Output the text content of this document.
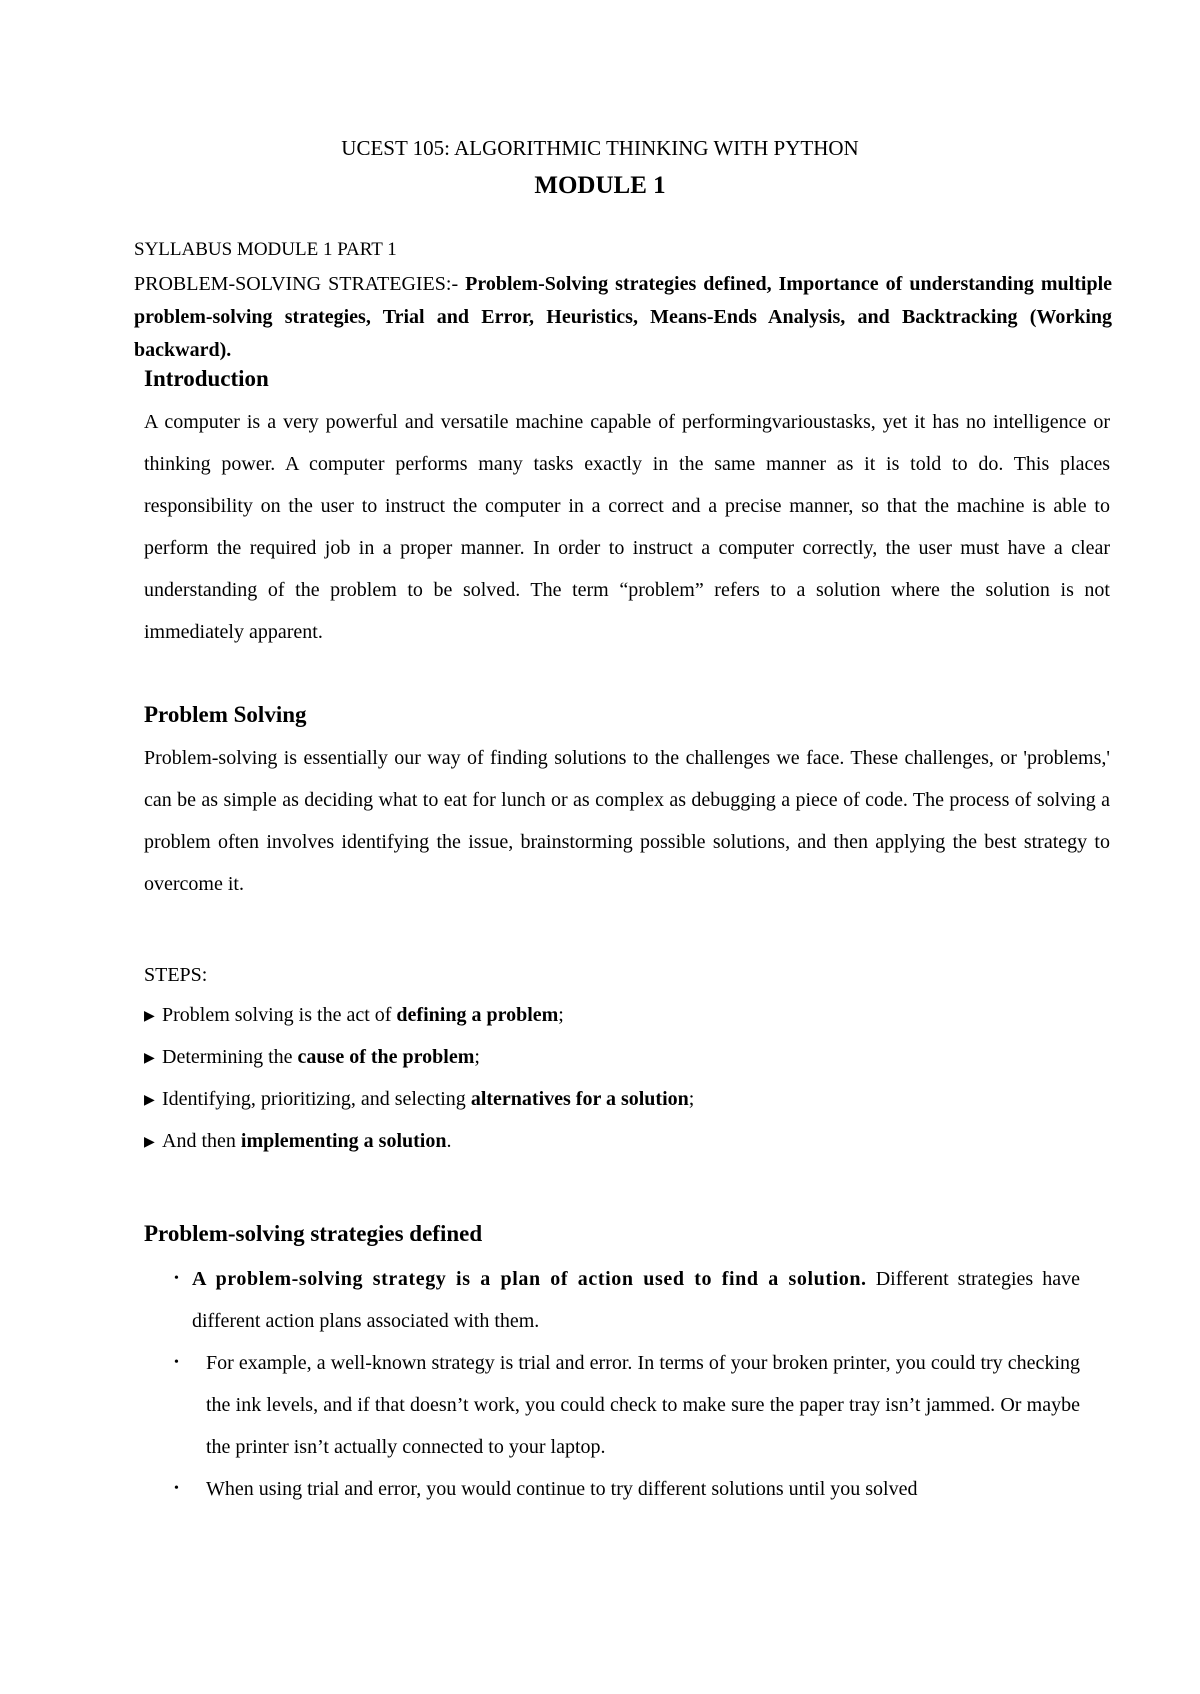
UCEST 105: ALGORITHMIC THINKING WITH PYTHON
MODULE 1

SYLLABUS MODULE 1 PART 1

PROBLEM-SOLVING STRATEGIES:- Problem-Solving strategies defined, Importance of understanding multiple problem-solving strategies, Trial and Error, Heuristics, Means-Ends Analysis, and Backtracking (Working backward).

Introduction

A computer is a very powerful and versatile machine capable of performingvarioustasks, yet it has no intelligence or thinking power. A computer performs many tasks exactly in the same manner as it is told to do. This places responsibility on the user to instruct the computer in a correct and a precise manner, so that the machine is able to perform the required job in a proper manner. In order to instruct a computer correctly, the user must have a clear understanding of the problem to be solved. The term “problem” refers to a solution where the solution is not immediately apparent.

Problem Solving

Problem-solving is essentially our way of finding solutions to the challenges we face. These challenges, or 'problems,' can be as simple as deciding what to eat for lunch or as complex as debugging a piece of code. The process of solving a problem often involves identifying the issue, brainstorming possible solutions, and then applying the best strategy to overcome it.

STEPS:

▶ Problem solving is the act of defining a problem;
▶ Determining the cause of the problem;
▶ Identifying, prioritizing, and selecting alternatives for a solution;
▶ And then implementing a solution.
Problem-solving strategies defined
• A problem-solving strategy is a plan of action used to find a solution. Different strategies have different action plans associated with them.
• For example, a well-known strategy is trial and error. In terms of your broken printer, you could try checking the ink levels, and if that doesn’t work, you could check to make sure the paper tray isn’t jammed. Or maybe the printer isn’t actually connected to your laptop.
• When using trial and error, you would continue to try different solutions until you solved
